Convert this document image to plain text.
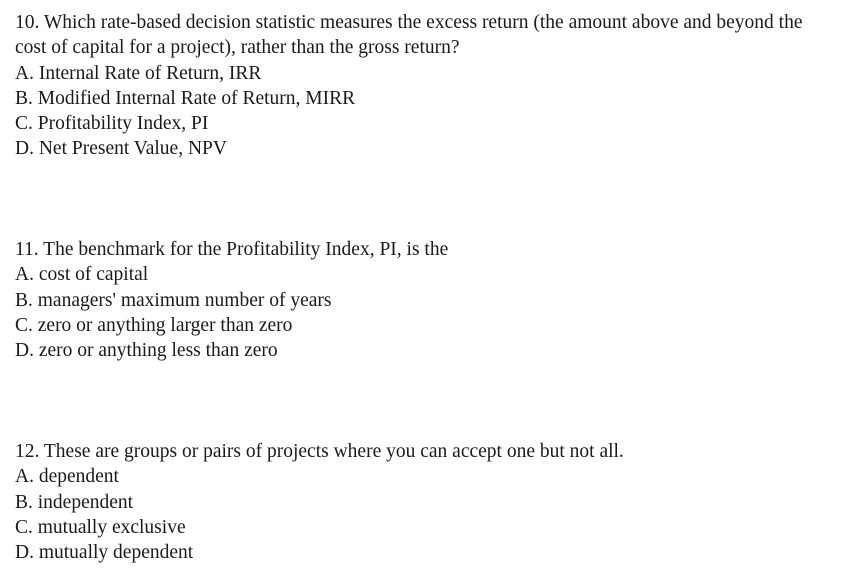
10. Which rate-based decision statistic measures the excess return (the amount above and beyond the cost of capital for a project), rather than the gross return?
A. Internal Rate of Return, IRR
B. Modified Internal Rate of Return, MIRR
C. Profitability Index, PI
D. Net Present Value, NPV
11. The benchmark for the Profitability Index, PI, is the
A. cost of capital
B. managers' maximum number of years
C. zero or anything larger than zero
D. zero or anything less than zero
12. These are groups or pairs of projects where you can accept one but not all.
A. dependent
B. independent
C. mutually exclusive
D. mutually dependent
